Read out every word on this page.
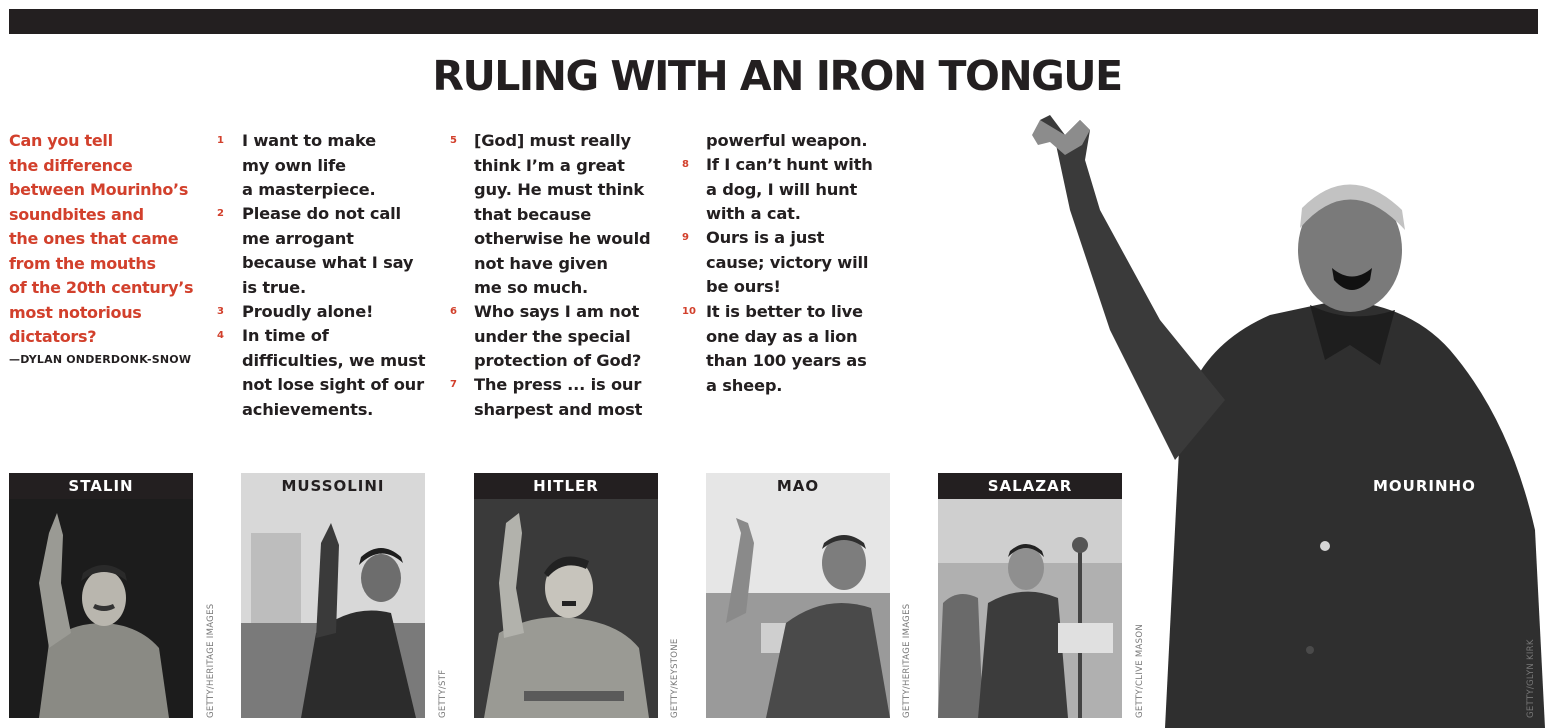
RULING WITH AN IRON TONGUE
Can you tell
the difference
between Mourinho’s
soundbites and
the ones that came
from the mouths
of the 20th century’s
most notorious
dictators?
—DYLAN ONDERDONK-SNOW
1
2
3
4
5
6
7
8
9
10
I want to make
my own life
a masterpiece.
Please do not call
me arrogant
because what I say
is true.
Proudly alone!
In time of
difficulties, we must
not lose sight of our
achievements.
[God] must really
think I’m a great
guy. He must think
that because
otherwise he would
not have given
me so much.
Who says I am not
under the special
protection of God?
The press ... is our
sharpest and most
powerful weapon.
If I can’t hunt with
a dog, I will hunt
with a cat.
Ours is a just
cause; victory will
be ours!
It is better to live
one day as a lion
than 100 years as
a sheep.
STALIN
GETTY/HERITAGE IMAGES
MUSSOLINI
GETTY/STF
HITLER
GETTY/KEYSTONE
MAO
GETTY/HERITAGE IMAGES
SALAZAR
GETTY/CLIVE MASON
MOURINHO
GETTY/GLYN KIRK
